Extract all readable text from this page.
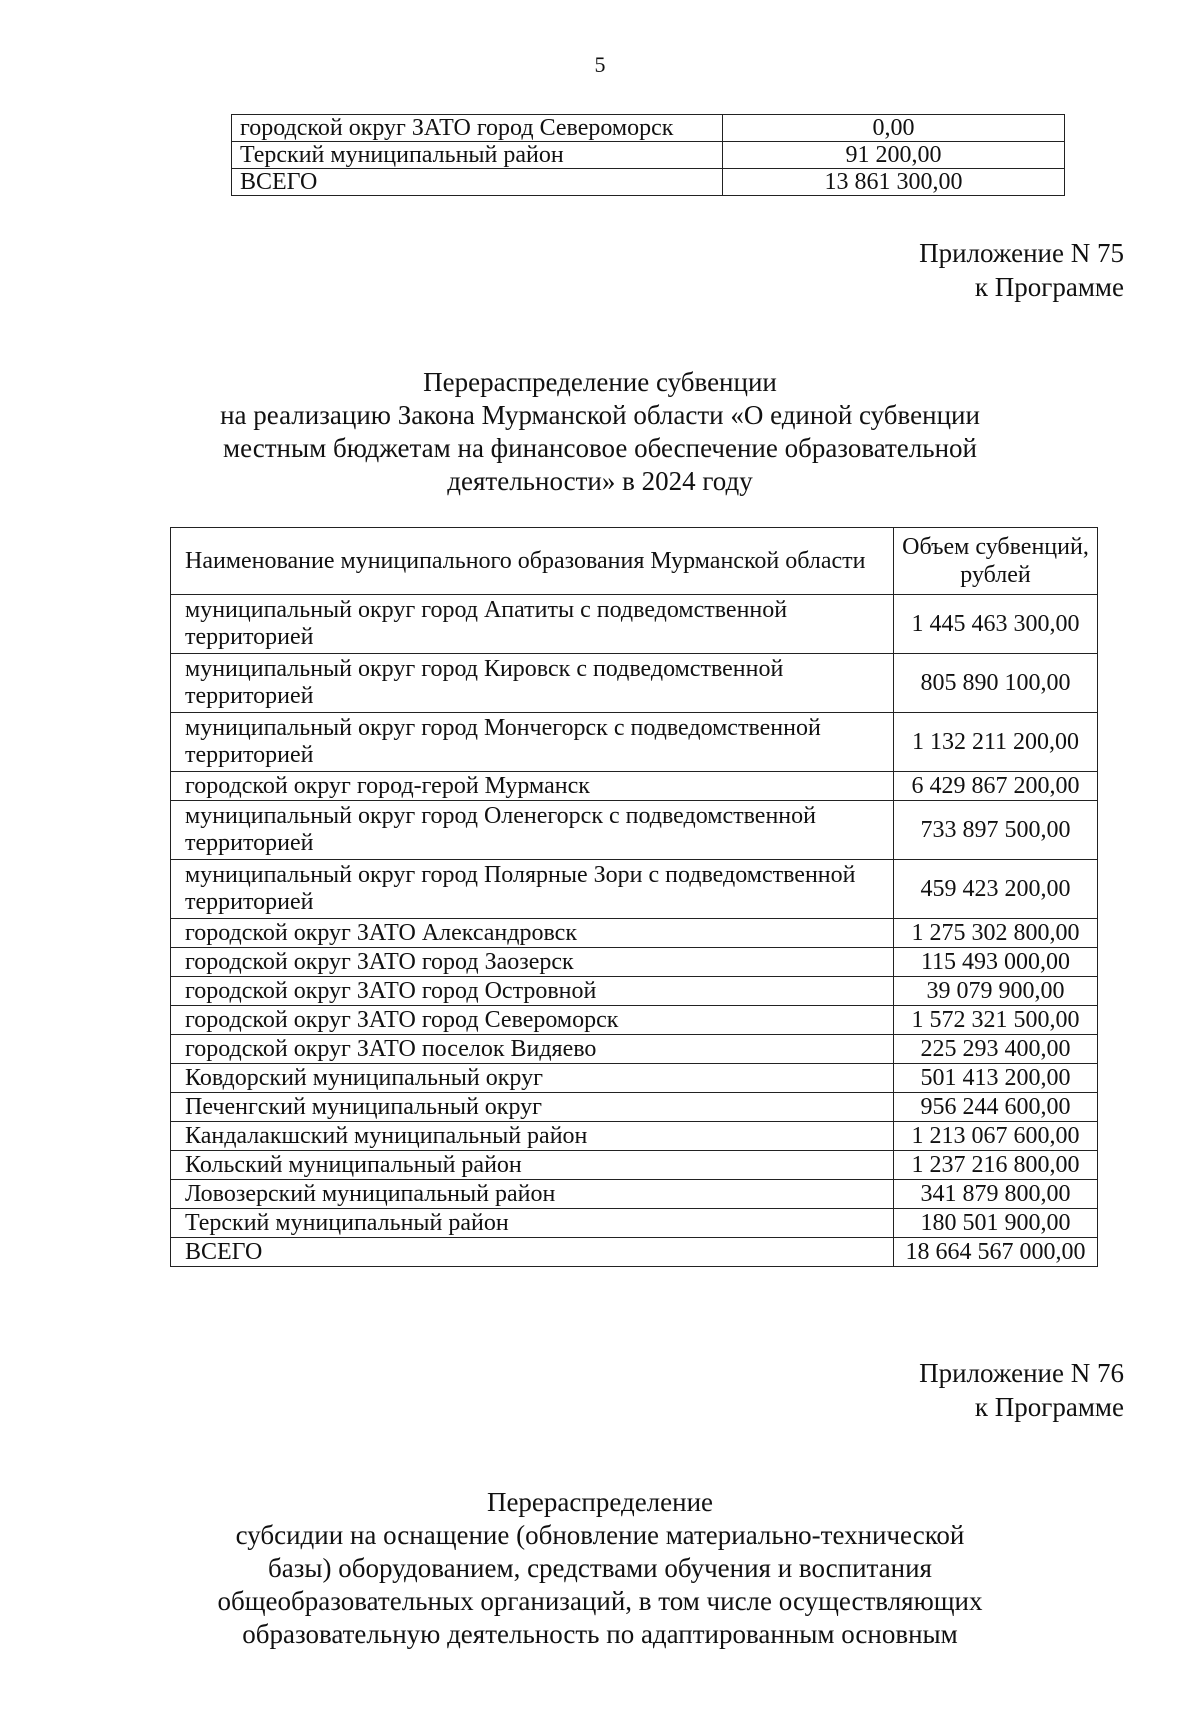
5
городской округ ЗАТО город Североморск	0,00
Терский муниципальный район	91 200,00
ВСЕГО	13 861 300,00
Приложение N 75
к Программе
Перераспределение субвенции
на реализацию Закона Мурманской области «О единой субвенции
местным бюджетам на финансовое обеспечение образовательной
деятельности» в 2024 году
Наименование муниципального образования Мурманской области	Объем субвенций, рублей
муниципальный округ город Апатиты с подведомственной территорией	1 445 463 300,00
муниципальный округ город Кировск с подведомственной территорией	805 890 100,00
муниципальный округ город Мончегорск с подведомственной территорией	1 132 211 200,00
городской округ город-герой Мурманск	6 429 867 200,00
муниципальный округ город Оленегорск с подведомственной территорией	733 897 500,00
муниципальный округ город Полярные Зори с подведомственной территорией	459 423 200,00
городской округ ЗАТО Александровск	1 275 302 800,00
городской округ ЗАТО город Заозерск	115 493 000,00
городской округ ЗАТО город Островной	39 079 900,00
городской округ ЗАТО город Североморск	1 572 321 500,00
городской округ ЗАТО поселок Видяево	225 293 400,00
Ковдорский муниципальный округ	501 413 200,00
Печенгский муниципальный округ	956 244 600,00
Кандалакшский муниципальный район	1 213 067 600,00
Кольский муниципальный район	1 237 216 800,00
Ловозерский муниципальный район	341 879 800,00
Терский муниципальный район	180 501 900,00
ВСЕГО	18 664 567 000,00
Приложение N 76
к Программе
Перераспределение
субсидии на оснащение (обновление материально-технической
базы) оборудованием, средствами обучения и воспитания
общеобразовательных организаций, в том числе осуществляющих
образовательную деятельность по адаптированным основным
